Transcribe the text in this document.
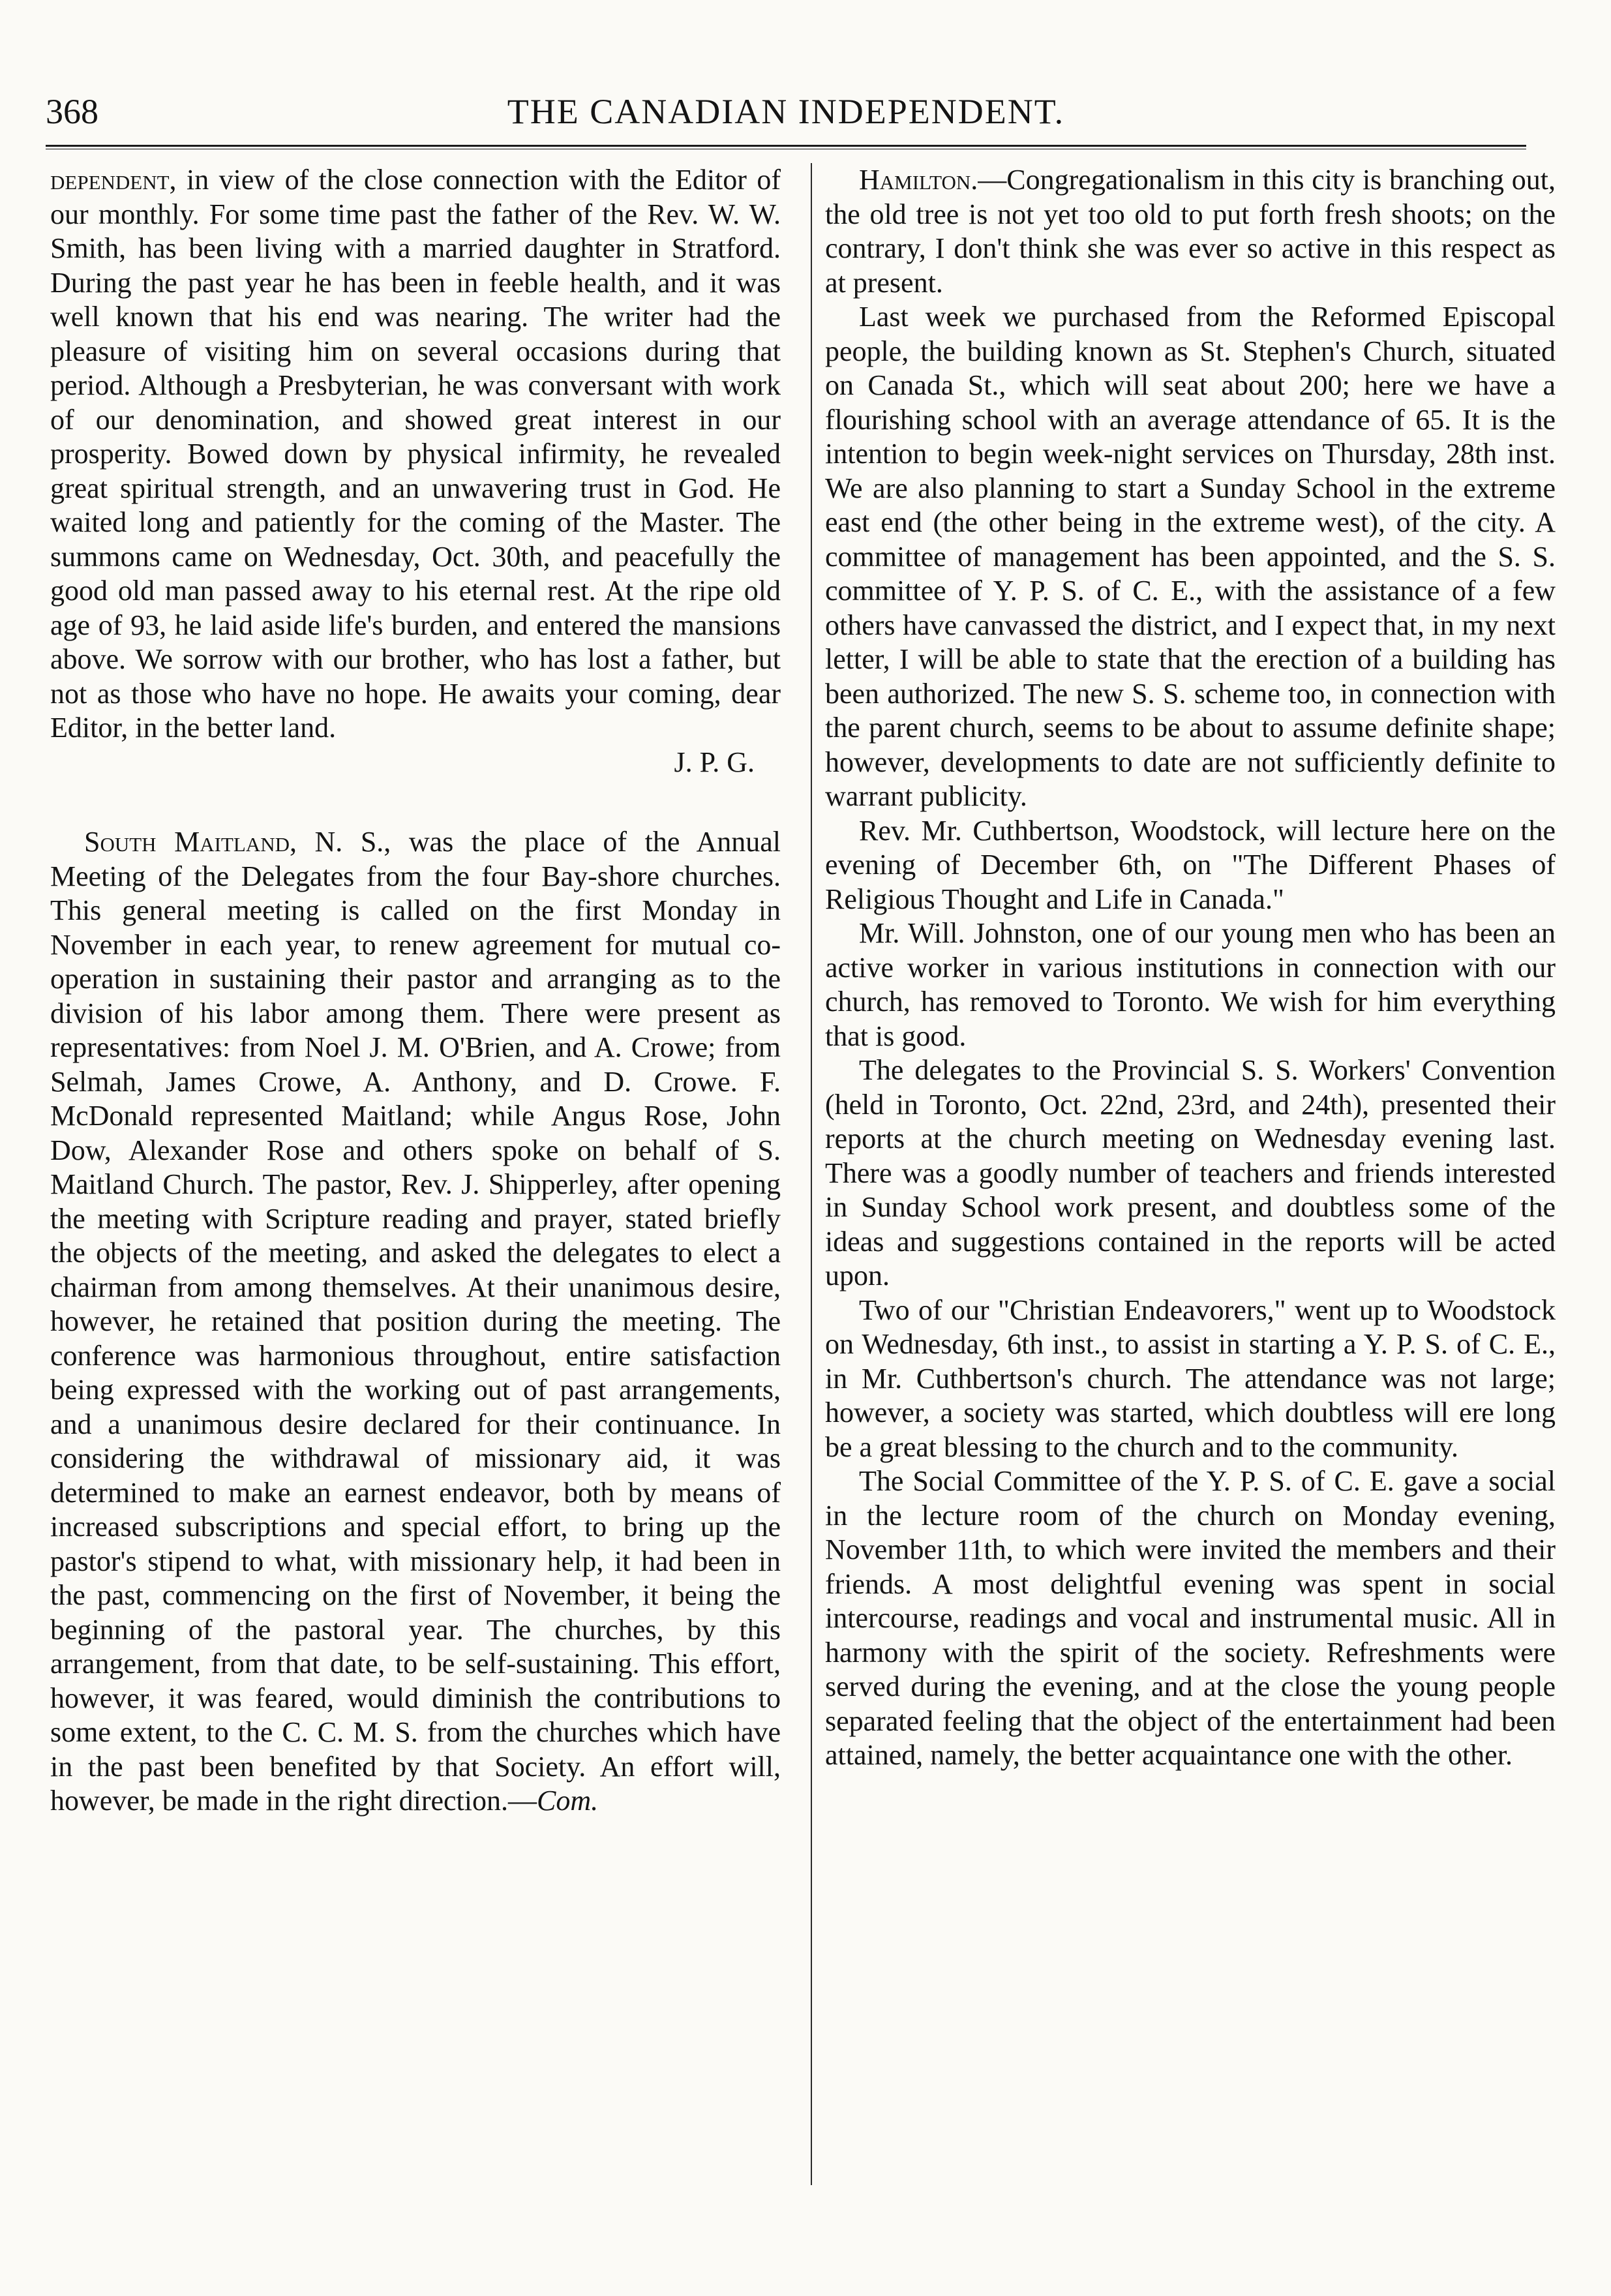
368	THE CANADIAN INDEPENDENT.

dependent, in view of the close connection with the Editor of our monthly. For some time past the father of the Rev. W. W. Smith, has been living with a married daughter in Stratford. During the past year he has been in feeble health, and it was well known that his end was nearing. The writer had the pleasure of visiting him on several occasions during that period. Although a Presbyterian, he was conversant with work of our denomination, and showed great interest in our prosperity. Bowed down by physical infirmity, he revealed great spiritual strength, and an unwavering trust in God. He waited long and patiently for the coming of the Master. The summons came on Wednesday, Oct. 30th, and peacefully the good old man passed away to his eternal rest. At the ripe old age of 93, he laid aside life's burden, and entered the mansions above. We sorrow with our brother, who has lost a father, but not as those who have no hope. He awaits your coming, dear Editor, in the better land.

J. P. G.

South Maitland, N. S., was the place of the Annual Meeting of the Delegates from the four Bay-shore churches. This general meeting is called on the first Monday in November in each year, to renew agreement for mutual co-operation in sustaining their pastor and arranging as to the division of his labor among them. There were present as representatives: from Noel J. M. O'Brien, and A. Crowe; from Selmah, James Crowe, A. Anthony, and D. Crowe. F. McDonald represented Maitland; while Angus Rose, John Dow, Alexander Rose and others spoke on behalf of S. Maitland Church. The pastor, Rev. J. Shipperley, after opening the meeting with Scripture reading and prayer, stated briefly the objects of the meeting, and asked the delegates to elect a chairman from among themselves. At their unanimous desire, however, he retained that position during the meeting. The conference was harmonious throughout, entire satisfaction being expressed with the working out of past arrangements, and a unanimous desire declared for their continuance. In considering the withdrawal of missionary aid, it was determined to make an earnest endeavor, both by means of increased subscriptions and special effort, to bring up the pastor's stipend to what, with missionary help, it had been in the past, commencing on the first of November, it being the beginning of the pastoral year. The churches, by this arrangement, from that date, to be self-sustaining. This effort, however, it was feared, would diminish the contributions to some extent, to the C. C. M. S. from the churches which have in the past been benefited by that Society. An effort will, however, be made in the right direction.—Com.

Hamilton.—Congregationalism in this city is branching out, the old tree is not yet too old to put forth fresh shoots; on the contrary, I don't think she was ever so active in this respect as at present.

Last week we purchased from the Reformed Episcopal people, the building known as St. Stephen's Church, situated on Canada St., which will seat about 200; here we have a flourishing school with an average attendance of 65. It is the intention to begin week-night services on Thursday, 28th inst. We are also planning to start a Sunday School in the extreme east end (the other being in the extreme west), of the city. A committee of management has been appointed, and the S. S. committee of Y. P. S. of C. E., with the assistance of a few others have canvassed the district, and I expect that, in my next letter, I will be able to state that the erection of a building has been authorized. The new S. S. scheme too, in connection with the parent church, seems to be about to assume definite shape; however, developments to date are not sufficiently definite to warrant publicity.

Rev. Mr. Cuthbertson, Woodstock, will lecture here on the evening of December 6th, on "The Different Phases of Religious Thought and Life in Canada."

Mr. Will. Johnston, one of our young men who has been an active worker in various institutions in connection with our church, has removed to Toronto. We wish for him everything that is good.

The delegates to the Provincial S. S. Workers' Convention (held in Toronto, Oct. 22nd, 23rd, and 24th), presented their reports at the church meeting on Wednesday evening last. There was a goodly number of teachers and friends interested in Sunday School work present, and doubtless some of the ideas and suggestions contained in the reports will be acted upon.

Two of our "Christian Endeavorers," went up to Woodstock on Wednesday, 6th inst., to assist in starting a Y. P. S. of C. E., in Mr. Cuthbertson's church. The attendance was not large; however, a society was started, which doubtless will ere long be a great blessing to the church and to the community.

The Social Committee of the Y. P. S. of C. E. gave a social in the lecture room of the church on Monday evening, November 11th, to which were invited the members and their friends. A most delightful evening was spent in social intercourse, readings and vocal and instrumental music. All in harmony with the spirit of the society. Refreshments were served during the evening, and at the close the young people separated feeling that the object of the entertainment had been attained, namely, the better acquaintance one with the other.
